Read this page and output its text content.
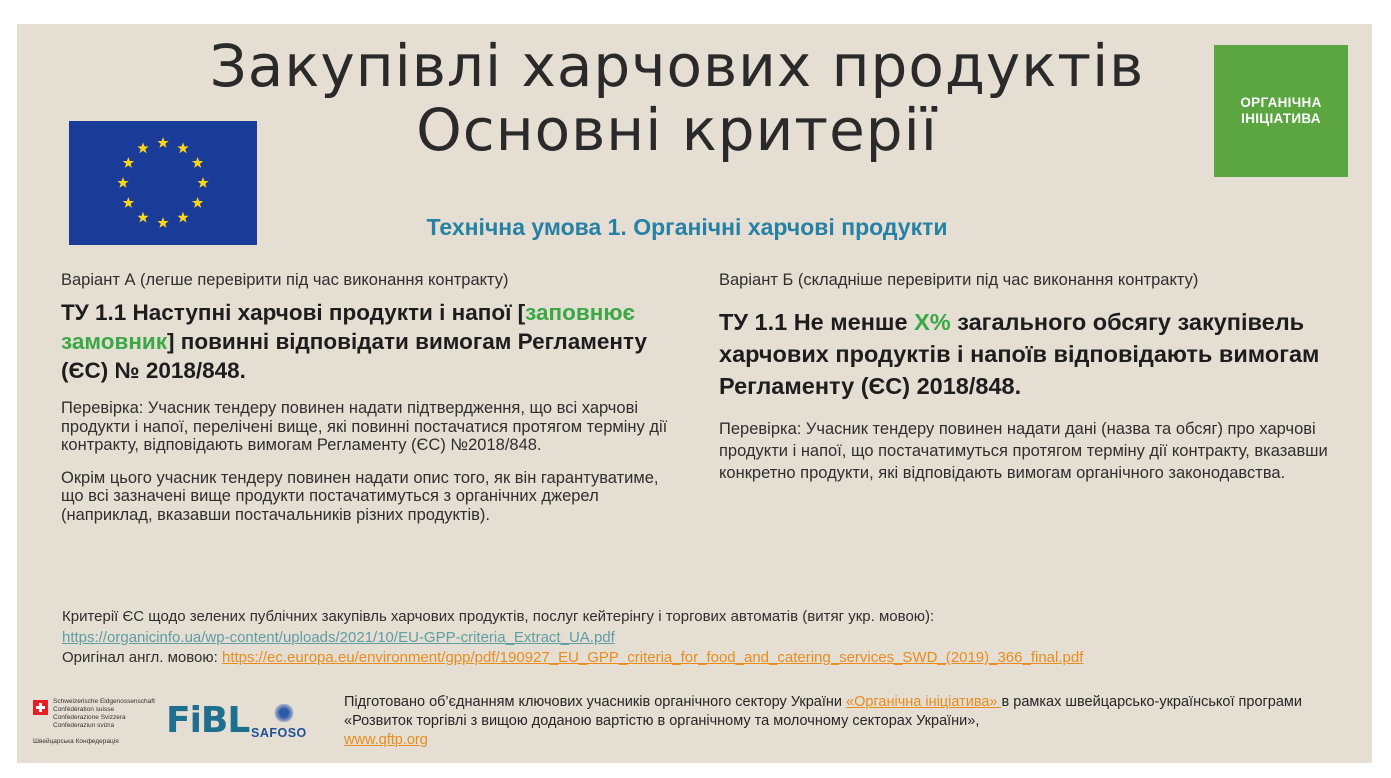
Закупівлі харчових продуктів
Основні критерії	ОРГАНІЧНА
ІНІЦІАТИВА
Технічна умова 1. Органічні харчові продукти
Варіант А (легше перевірити під час виконання контракту)
ТУ 1.1 Наступні харчові продукти і напої [заповнює замовник] повинні відповідати вимогам Регламенту (ЄС) № 2018/848.
Перевірка: Учасник тендеру повинен надати підтвердження, що всі харчові продукти і напої, перелічені вище, які повинні постачатися протягом терміну дії контракту, відповідають вимогам Регламенту (ЄС) №2018/848.
Окрім цього учасник тендеру повинен надати опис того, як він гарантуватиме, що всі зазначені вище продукти постачатимуться з органічних джерел (наприклад, вказавши постачальників різних продуктів).
Варіант Б (складніше перевірити під час виконання контракту)
ТУ 1.1 Не менше Х% загального обсягу закупівель харчових продуктів і напоїв відповідають вимогам Регламенту (ЄС) 2018/848.
Перевірка: Учасник тендеру повинен надати дані (назва та обсяг) про харчові продукти і напої, що постачатимуться протягом терміну дії контракту, вказавши конкретно продукти, які відповідають вимогам органічного законодавства.
Критерії ЄС щодо зелених публічних закупівль харчових продуктів, послуг кейтерінгу і торгових автоматів (витяг укр. мовою):
https://organicinfo.ua/wp-content/uploads/2021/10/EU-GPP-criteria_Extract_UA.pdf
Оригінал англ. мовою: https://ec.europa.eu/environment/gpp/pdf/190927_EU_GPP_criteria_for_food_and_catering_services_SWD_(2019)_366_final.pdf
Schweizerische Eidgenossenschaft
Confédération suisse
Confederazione Svizzera
Confederaziun svizra
Швейцарська Конфедерація
FiBL SAFOSO
Підготовано об’єднанням ключових учасників органічного сектору України «Органічна ініціатива» в рамках швейцарсько-української програми «Розвиток торгівлі з вищою доданою вартістю в органічному та молочному секторах України»,
www.qftp.org
